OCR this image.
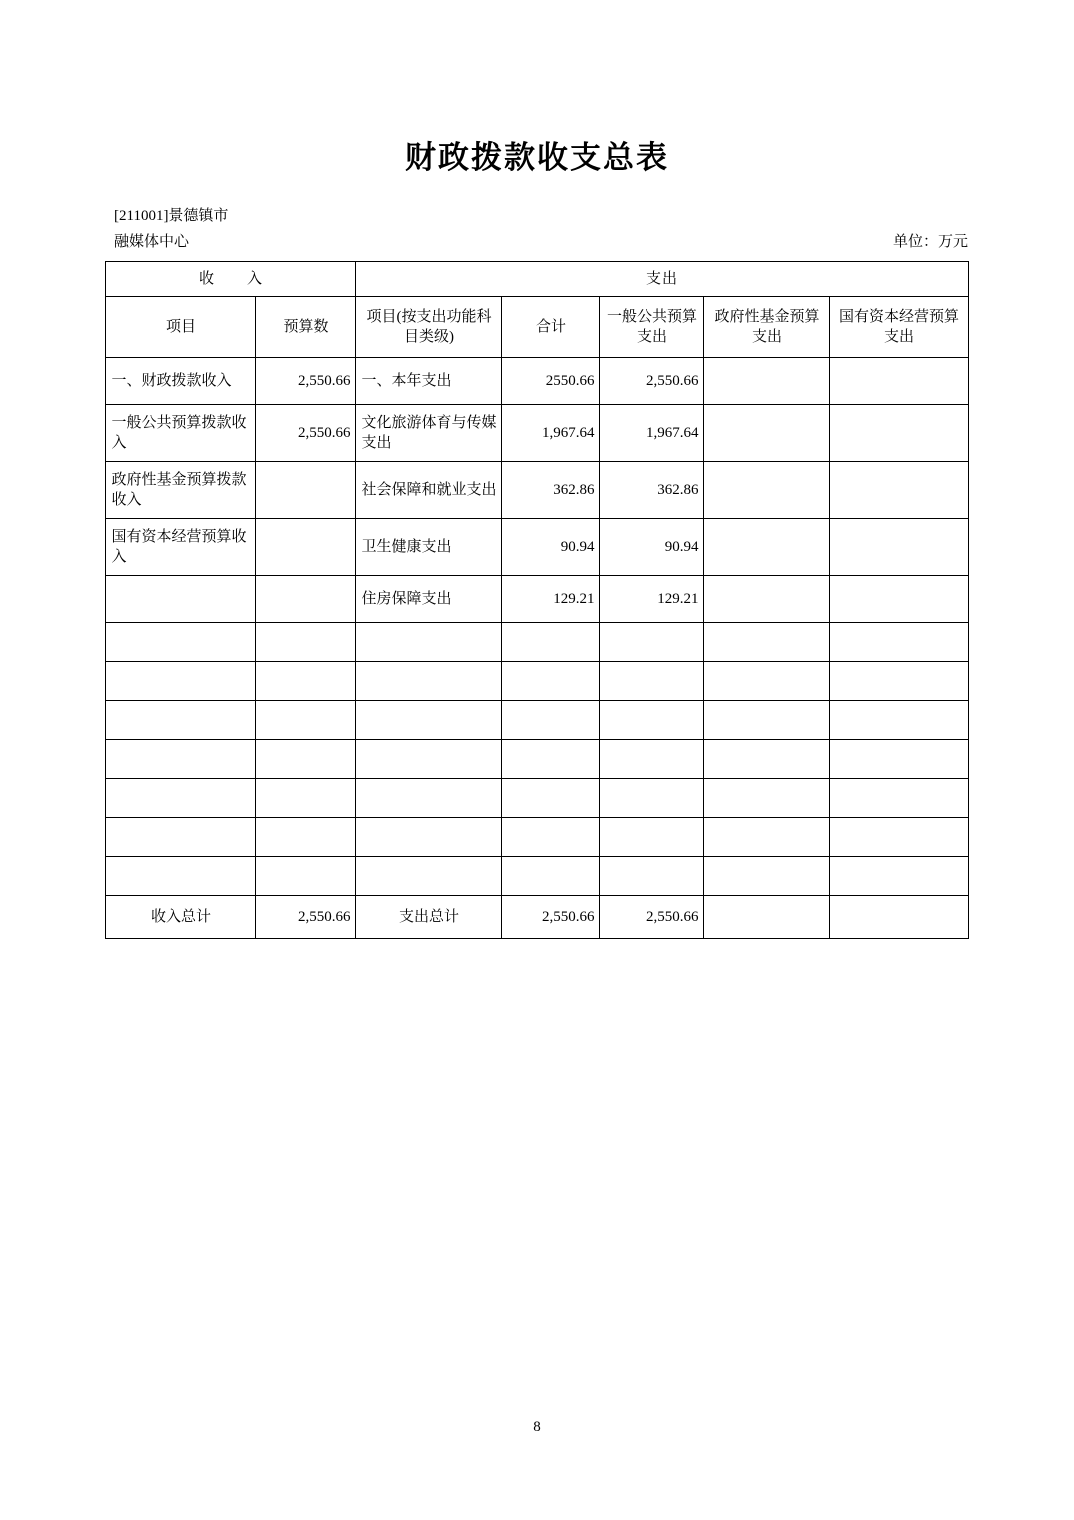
财政拨款收支总表
[211001]景德镇市
融媒体中心	单位：万元
收　　入		支出				
项目	预算数	项目(按支出功能科目类级)	合计	一般公共预算支出	政府性基金预算支出	国有资本经营预算支出
一、财政拨款收入	2,550.66	一、本年支出	2550.66	2,550.66		
一般公共预算拨款收入	2,550.66	文化旅游体育与传媒支出	1,967.64	1,967.64		
政府性基金预算拨款收入		社会保障和就业支出	362.86	362.86		
国有资本经营预算收入		卫生健康支出	90.94	90.94		
		住房保障支出	129.21	129.21		

收入总计	2,550.66	支出总计	2,550.66	2,550.66		
8
